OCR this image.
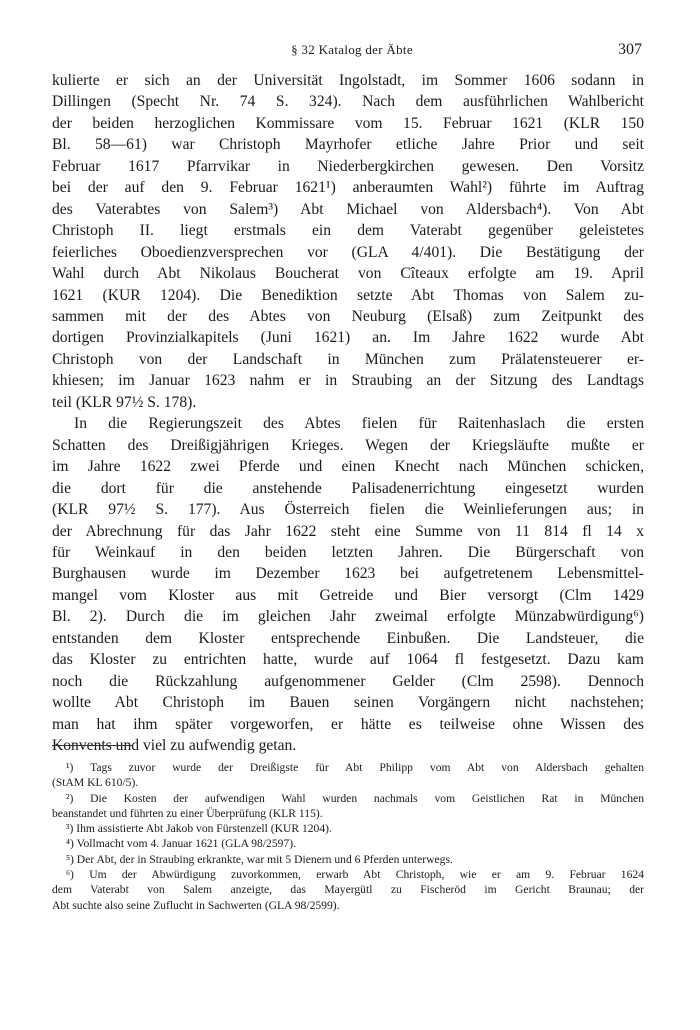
§ 32 Katalog der Äbte	307
kulierte er sich an der Universität Ingolstadt, im Sommer 1606 sodann in
Dillingen (Specht Nr. 74 S. 324). Nach dem ausführlichen Wahlbericht
der beiden herzoglichen Kommissare vom 15. Februar 1621 (KLR 150
Bl. 58—61) war Christoph Mayrhofer etliche Jahre Prior und seit
Februar 1617 Pfarrvikar in Niederbergkirchen gewesen. Den Vorsitz
bei der auf den 9. Februar 1621¹) anberaumten Wahl²) führte im Auftrag
des Vaterabtes von Salem³) Abt Michael von Aldersbach⁴). Von Abt
Christoph II. liegt erstmals ein dem Vaterabt gegenüber geleistetes
feierliches Oboedienzversprechen vor (GLA 4/401). Die Bestätigung der
Wahl durch Abt Nikolaus Boucherat von Cîteaux erfolgte am 19. April
1621 (KUR 1204). Die Benediktion setzte Abt Thomas von Salem zu-
sammen mit der des Abtes von Neuburg (Elsaß) zum Zeitpunkt des
dortigen Provinzialkapitels (Juni 1621) an. Im Jahre 1622 wurde Abt
Christoph von der Landschaft in München zum Prälatensteuerer er-
khiesen; im Januar 1623 nahm er in Straubing an der Sitzung des Landtags
teil (KLR 97½ S. 178).
In die Regierungszeit des Abtes fielen für Raitenhaslach die ersten
Schatten des Dreißigjährigen Krieges. Wegen der Kriegsläufte mußte er
im Jahre 1622 zwei Pferde und einen Knecht nach München schicken,
die dort für die anstehende Palisadenerrichtung eingesetzt wurden
(KLR 97½ S. 177). Aus Österreich fielen die Weinlieferungen aus; in
der Abrechnung für das Jahr 1622 steht eine Summe von 11 814 fl 14 x
für Weinkauf in den beiden letzten Jahren. Die Bürgerschaft von
Burghausen wurde im Dezember 1623 bei aufgetretenem Lebensmittel-
mangel vom Kloster aus mit Getreide und Bier versorgt (Clm 1429
Bl. 2). Durch die im gleichen Jahr zweimal erfolgte Münzabwürdigung⁶)
entstanden dem Kloster entsprechende Einbußen. Die Landsteuer, die
das Kloster zu entrichten hatte, wurde auf 1064 fl festgesetzt. Dazu kam
noch die Rückzahlung aufgenommener Gelder (Clm 2598). Dennoch
wollte Abt Christoph im Bauen seinen Vorgängern nicht nachstehen;
man hat ihm später vorgeworfen, er hätte es teilweise ohne Wissen des
Konvents und viel zu aufwendig getan.
¹) Tags zuvor wurde der Dreißigste für Abt Philipp vom Abt von Aldersbach gehalten
(StAM KL 610/5).
²) Die Kosten der aufwendigen Wahl wurden nachmals vom Geistlichen Rat in München
beanstandet und führten zu einer Überprüfung (KLR 115).
³) Ihm assistierte Abt Jakob von Fürstenzell (KUR 1204).
⁴) Vollmacht vom 4. Januar 1621 (GLA 98/2597).
⁵) Der Abt, der in Straubing erkrankte, war mit 5 Dienern und 6 Pferden unterwegs.
⁶) Um der Abwürdigung zuvorkommen, erwarb Abt Christoph, wie er am 9. Februar 1624
dem Vaterabt von Salem anzeigte, das Mayergütl zu Fischeröd im Gericht Braunau; der
Abt suchte also seine Zuflucht in Sachwerten (GLA 98/2599).
